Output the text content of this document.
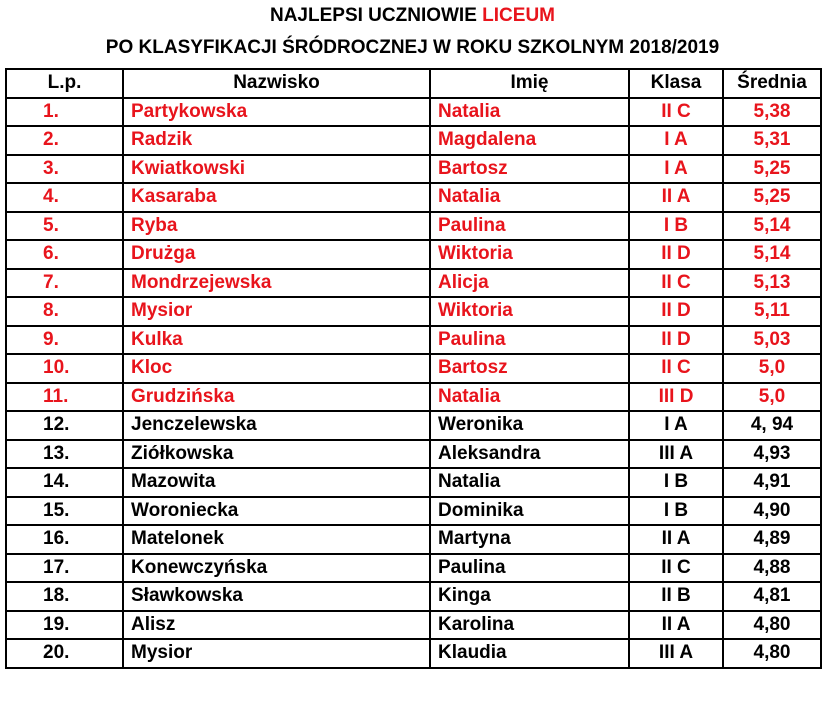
NAJLEPSI UCZNIOWIE LICEUM
PO KLASYFIKACJI ŚRÓDROCZNEJ W ROKU SZKOLNYM 2018/2019
L.p.	Nazwisko	Imię	Klasa	Średnia
1.	Partykowska	Natalia	II C	5,38
2.	Radzik	Magdalena	I A	5,31
3.	Kwiatkowski	Bartosz	I A	5,25
4.	Kasaraba	Natalia	II A	5,25
5.	Ryba	Paulina	I B	5,14
6.	Drużga	Wiktoria	II D	5,14
7.	Mondrzejewska	Alicja	II C	5,13
8.	Mysior	Wiktoria	II D	5,11
9.	Kulka	Paulina	II D	5,03
10.	Kloc	Bartosz	II C	5,0
11.	Grudzińska	Natalia	III D	5,0
12.	Jenczelewska	Weronika	I A	4, 94
13.	Ziółkowska	Aleksandra	III A	4,93
14.	Mazowita	Natalia	I B	4,91
15.	Woroniecka	Dominika	I B	4,90
16.	Matelonek	Martyna	II A	4,89
17.	Konewczyńska	Paulina	II C	4,88
18.	Sławkowska	Kinga	II B	4,81
19.	Alisz	Karolina	II A	4,80
20.	Mysior	Klaudia	III A	4,80
